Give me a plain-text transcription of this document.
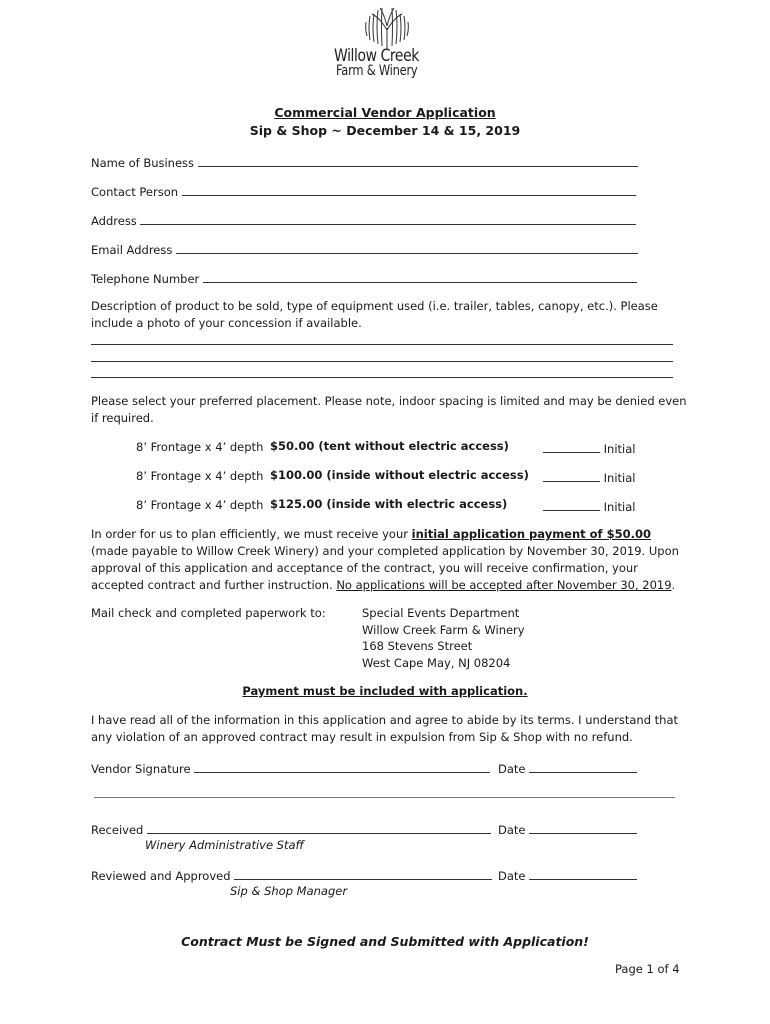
Willow Creek
Farm & Winery
Commercial Vendor Application
Sip & Shop ~ December 14 & 15, 2019
Name of Business
Contact Person
Address
Email Address
Telephone Number
Description of product to be sold, type of equipment used (i.e. trailer, tables, canopy, etc.). Please
include a photo of your concession if available.
Please select your preferred placement. Please note, indoor spacing is limited and may be denied even
if required.
8’ Frontage x 4’ depth $50.00 (tent without electric access)	Initial
8’ Frontage x 4’ depth $100.00 (inside without electric access)	Initial
8’ Frontage x 4’ depth $125.00 (inside with electric access)	Initial
In order for us to plan efficiently, we must receive your initial application payment of $50.00
(made payable to Willow Creek Winery) and your completed application by November 30, 2019. Upon
approval of this application and acceptance of the contract, you will receive confirmation, your
accepted contract and further instruction. No applications will be accepted after November 30, 2019.
Mail check and completed paperwork to:	Special Events Department
Willow Creek Farm & Winery
168 Stevens Street
West Cape May, NJ 08204
Payment must be included with application.
I have read all of the information in this application and agree to abide by its terms. I understand that
any violation of an approved contract may result in expulsion from Sip & Shop with no refund.
Vendor Signature	Date
Received	Date
Winery Administrative Staff
Reviewed and Approved	Date
Sip & Shop Manager
Contract Must be Signed and Submitted with Application!
Page 1 of 4
